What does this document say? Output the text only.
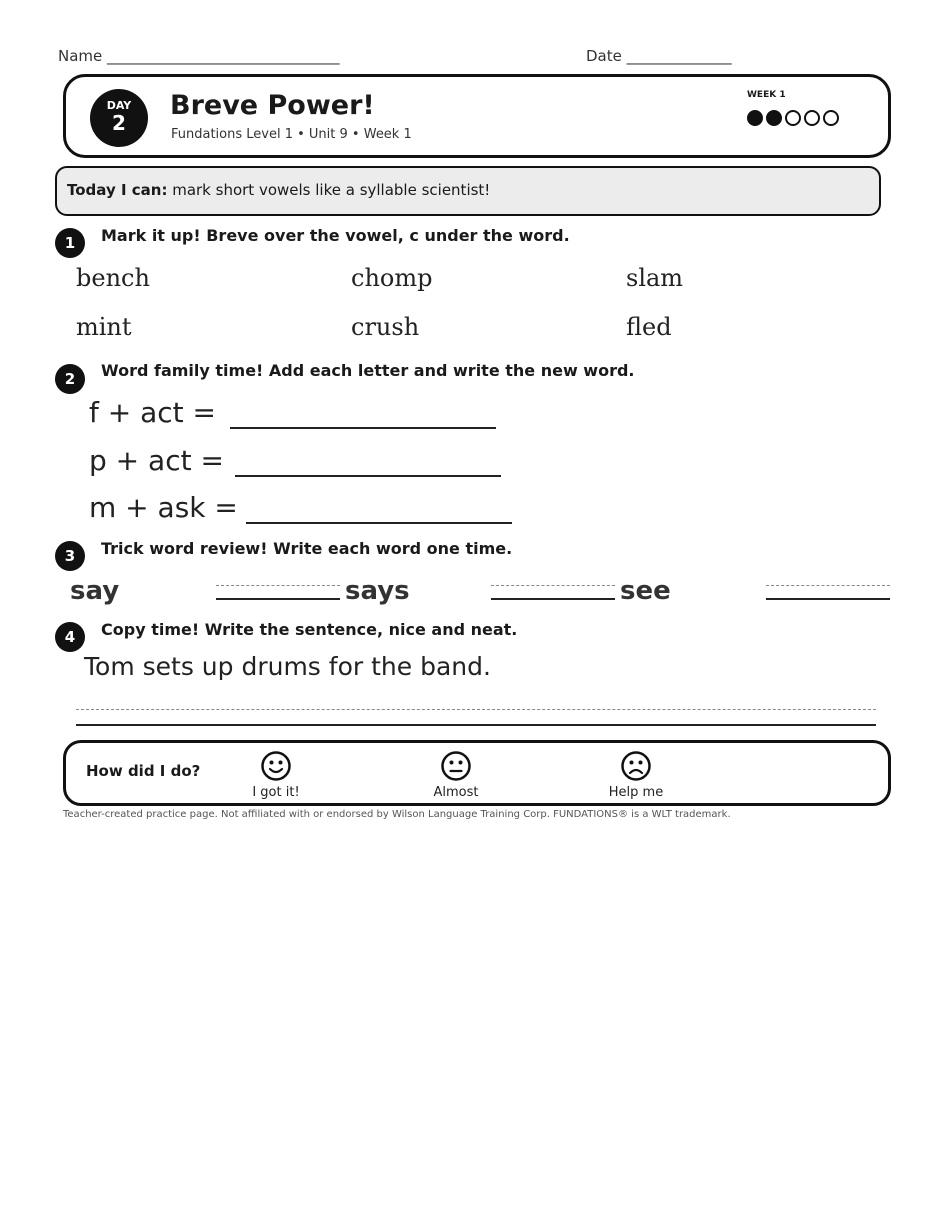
Name _______________________________	Date ______________
DAY
2
Breve Power!
Fundations Level 1 • Unit 9 • Week 1
WEEK 1
Today I can: mark short vowels like a syllable scientist!
1	Mark it up! Breve over the vowel, c under the word.
bench	chomp	slam
mint	crush	fled
2	Word family time! Add each letter and write the new word.
f + act =
p + act =
m + ask =
3	Trick word review! Write each word one time.
say	says	see
4	Copy time! Write the sentence, nice and neat.
Tom sets up drums for the band.
How did I do?
I got it!	Almost	Help me
Teacher-created practice page. Not affiliated with or endorsed by Wilson Language Training Corp. FUNDATIONS® is a WLT trademark.
